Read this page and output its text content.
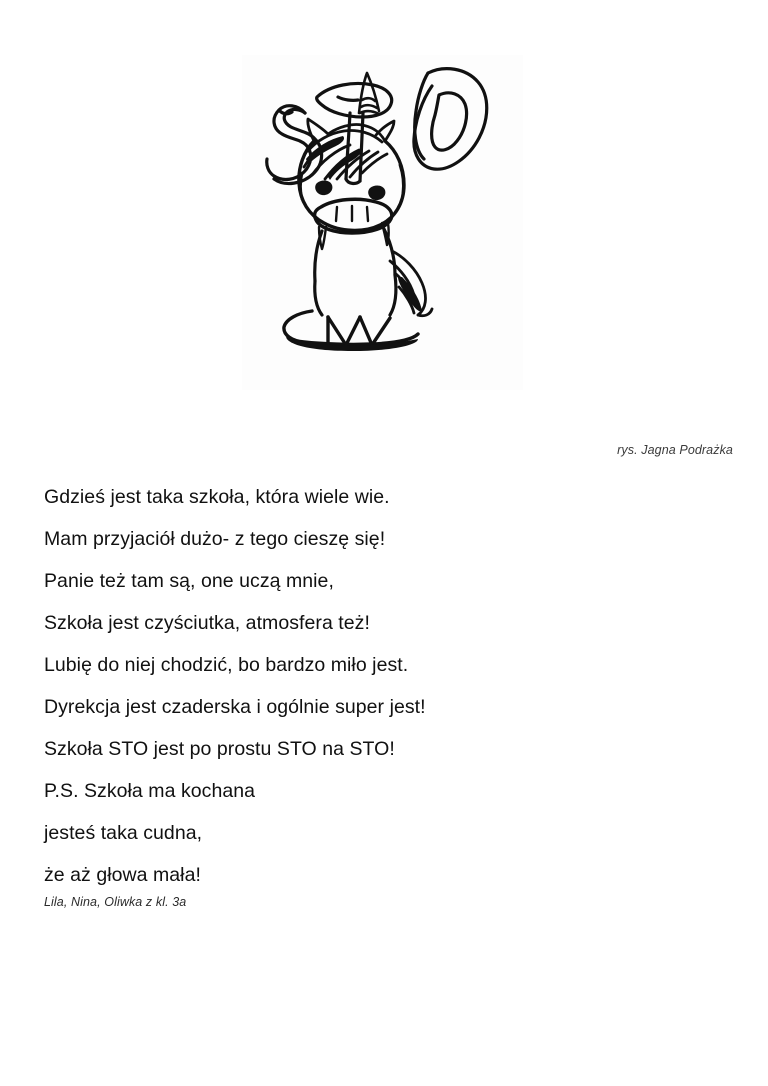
rys. Jagna Podrażka

Gdzieś jest taka szkoła, która wiele wie.

Mam przyjaciół dużo- z tego cieszę się!

Panie też tam są, one uczą mnie,

Szkoła jest czyściutka, atmosfera też!

Lubię do niej chodzić, bo bardzo miło jest.

Dyrekcja jest czaderska i ogólnie super jest!

Szkoła STO jest po prostu STO na STO!

P.S. Szkoła ma kochana

jesteś taka cudna,

że aż głowa mała!

Lila, Nina, Oliwka z kl. 3a
